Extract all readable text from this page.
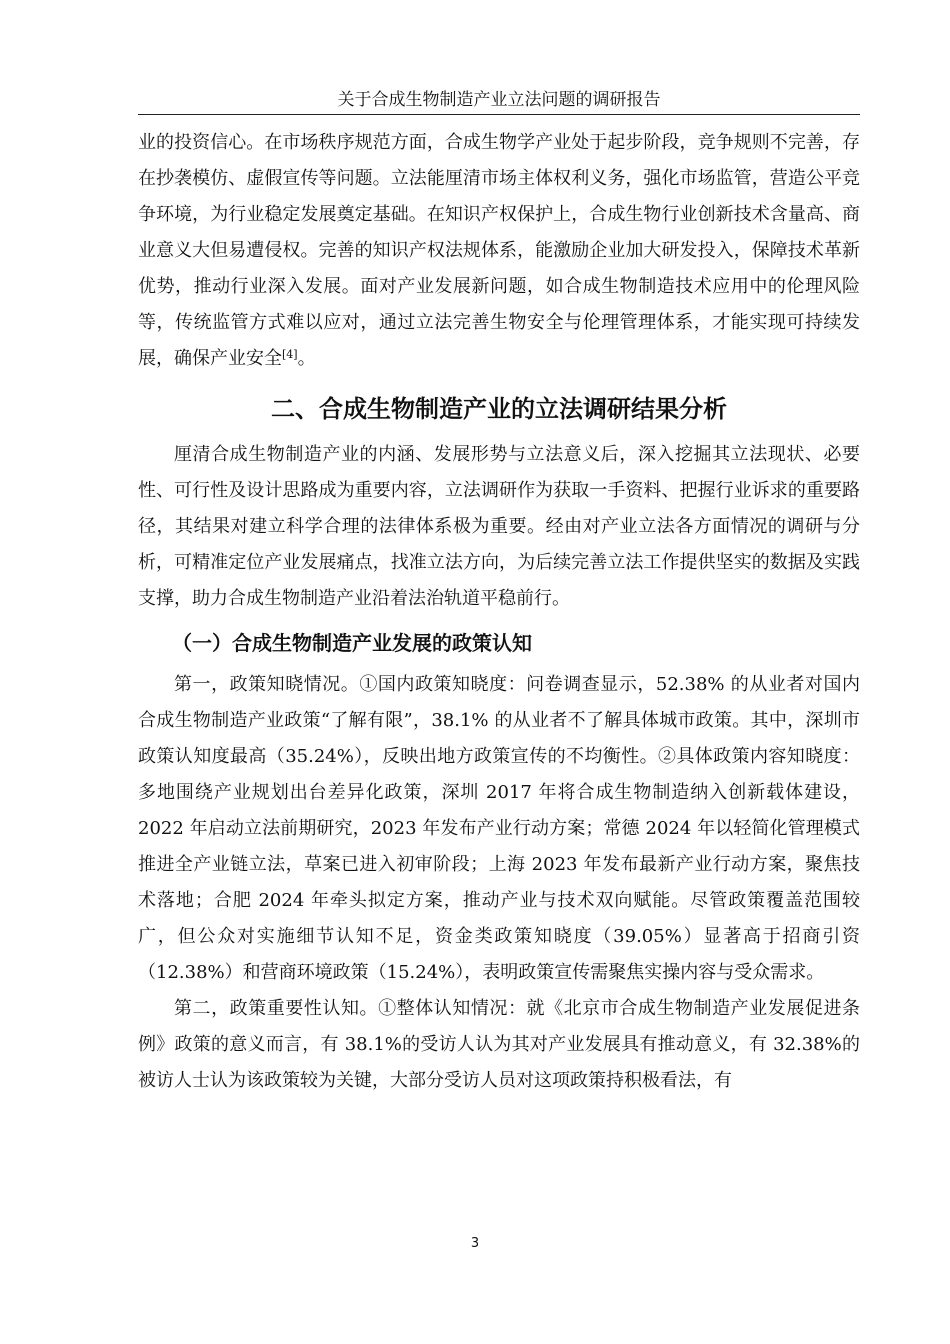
关于合成生物制造产业立法问题的调研报告

业的投资信心。在市场秩序规范方面，合成生物学产业处于起步阶段，竞争规则不完善，存在抄袭模仿、虚假宣传等问题。立法能厘清市场主体权利义务，强化市场监管，营造公平竞争环境，为行业稳定发展奠定基础。在知识产权保护上，合成生物行业创新技术含量高、商业意义大但易遭侵权。完善的知识产权法规体系，能激励企业加大研发投入，保障技术革新优势，推动行业深入发展。面对产业发展新问题，如合成生物制造技术应用中的伦理风险等，传统监管方式难以应对，通过立法完善生物安全与伦理管理体系，才能实现可持续发展，确保产业安全[4]。

二、合成生物制造产业的立法调研结果分析

厘清合成生物制造产业的内涵、发展形势与立法意义后，深入挖掘其立法现状、必要性、可行性及设计思路成为重要内容，立法调研作为获取一手资料、把握行业诉求的重要路径，其结果对建立科学合理的法律体系极为重要。经由对产业立法各方面情况的调研与分析，可精准定位产业发展痛点，找准立法方向，为后续完善立法工作提供坚实的数据及实践支撑，助力合成生物制造产业沿着法治轨道平稳前行。

（一）合成生物制造产业发展的政策认知

第一，政策知晓情况。①国内政策知晓度：问卷调查显示，52.38% 的从业者对国内合成生物制造产业政策“了解有限”，38.1% 的从业者不了解具体城市政策。其中，深圳市政策认知度最高（35.24%），反映出地方政策宣传的不均衡性。②具体政策内容知晓度：多地围绕产业规划出台差异化政策，深圳 2017 年将合成生物制造纳入创新载体建设，2022 年启动立法前期研究，2023 年发布产业行动方案；常德 2024 年以轻简化管理模式推进全产业链立法，草案已进入初审阶段；上海 2023 年发布最新产业行动方案，聚焦技术落地；合肥 2024 年牵头拟定方案，推动产业与技术双向赋能。尽管政策覆盖范围较广，但公众对实施细节认知不足，资金类政策知晓度（39.05%）显著高于招商引资（12.38%）和营商环境政策（15.24%），表明政策宣传需聚焦实操内容与受众需求。

第二，政策重要性认知。①整体认知情况：就《北京市合成生物制造产业发展促进条例》政策的意义而言，有 38.1%的受访人认为其对产业发展具有推动意义，有 32.38%的被访人士认为该政策较为关键，大部分受访人员对这项政策持积极看法，有

3
